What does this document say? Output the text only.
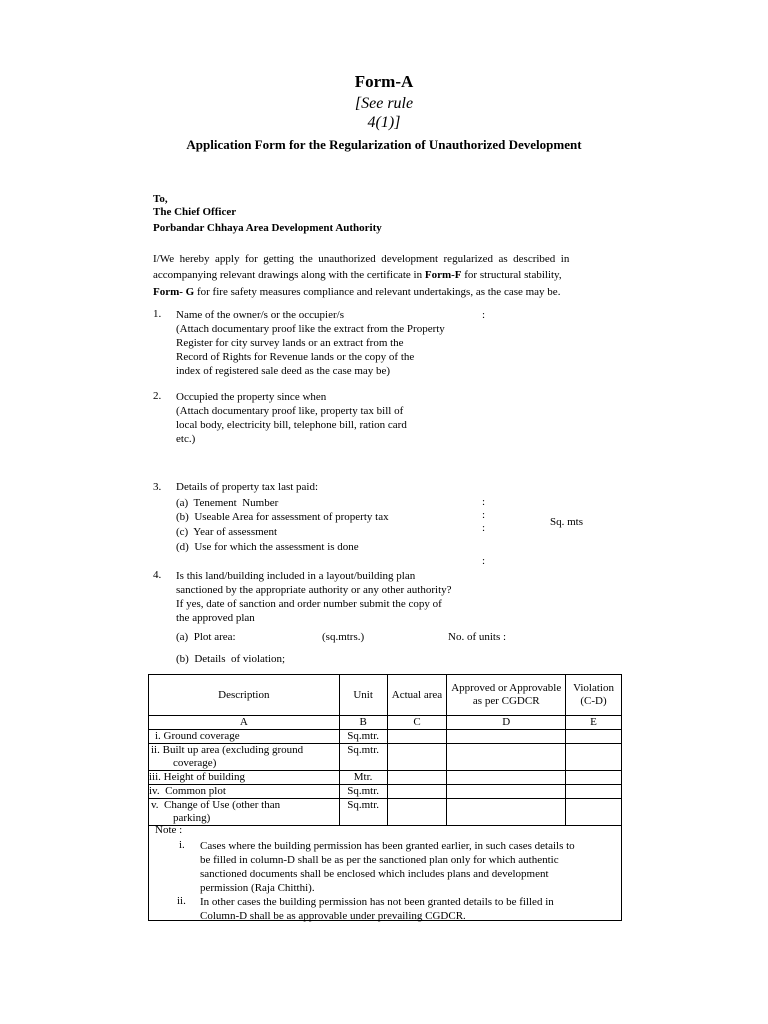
Form-A
[See rule
4(1)]
Application Form for the Regularization of Unauthorized Development
To,
The Chief Officer
Porbandar Chhaya Area Development Authority
I/We  hereby  apply  for  getting  the  unauthorized  development  regularized  as  described  in
accompanying relevant drawings along with the certificate in Form-F for structural stability,
Form- G for fire safety measures compliance and relevant undertakings, as the case may be.
1. Name of the owner/s or the occupier/s
(Attach documentary proof like the extract from the Property
Register for city survey lands or an extract from the
Record of Rights for Revenue lands or the copy of the
index of registered sale deed as the case may be)
:
2. Occupied the property since when
(Attach documentary proof like, property tax bill of
local body, electricity bill, telephone bill, ration card
etc.)
3. Details of property tax last paid:
(a)  Tenement  Number
(b)  Useable Area for assessment of property tax
(c)  Year of assessment
(d)  Use for which the assessment is done
:
:
:
:
Sq. mts
4. Is this land/building included in a layout/building plan
sanctioned by the appropriate authority or any other authority?
If yes, date of sanction and order number submit the copy of
the approved plan
(a)  Plot area:	(sq.mtrs.)	No. of units :
(b)  Details  of violation;
Description	Unit	Actual area	Approved or Approvable as per CGDCR	Violation (C-D)
A	B	C	D	E
i. Ground coverage	Sq.mtr.			

ii. Built up area (excluding ground
coverage)	Sq.mtr.			
iii. Height of building	Mtr.			
iv.  Common plot	Sq.mtr.			

v.  Change of Use (other than
parking)	Sq.mtr.			
Note :
i. Cases where the building permission has been granted earlier, in such cases details to
be filled in column-D shall be as per the sanctioned plan only for which authentic
sanctioned documents shall be enclosed which includes plans and development
permission (Raja Chitthi).
ii. In other cases the building permission has not been granted details to be filled in
Column-D shall be as approvable under prevailing CGDCR.
